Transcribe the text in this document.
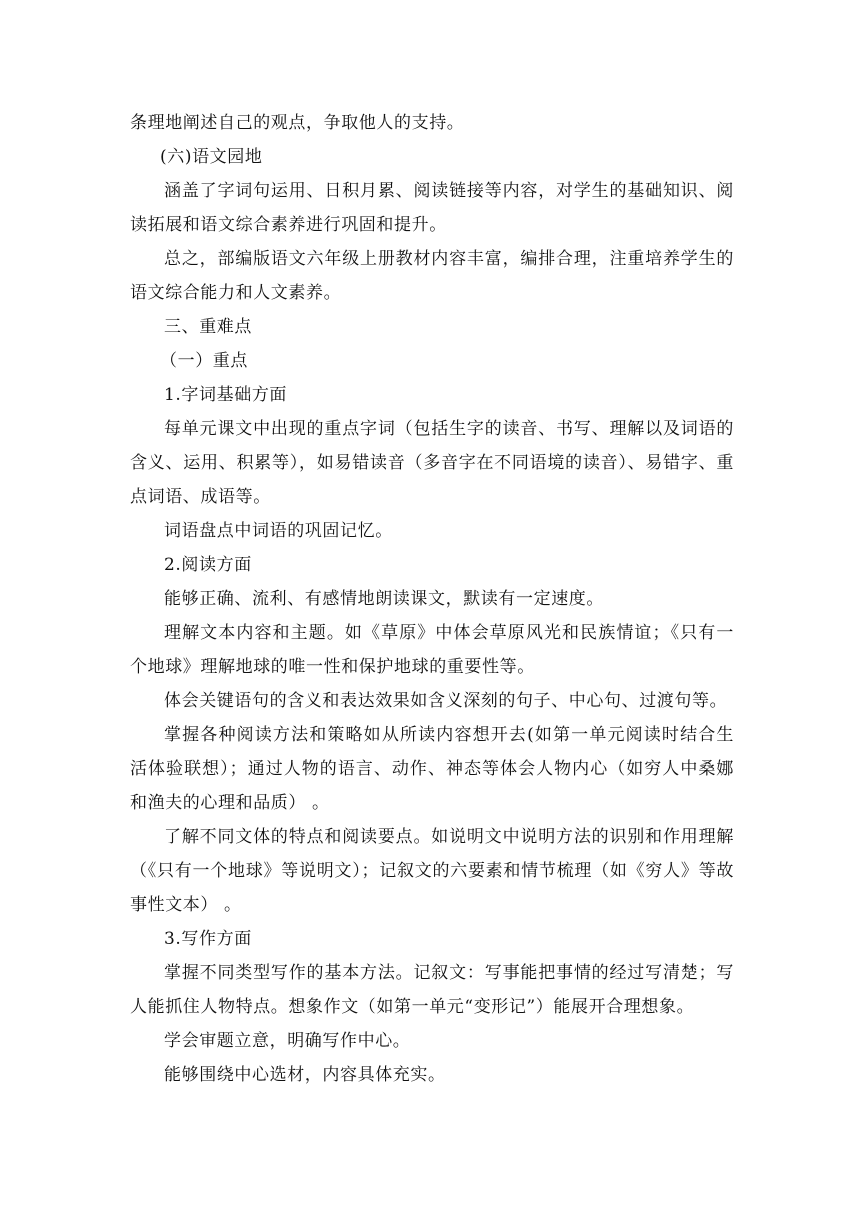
条理地阐述自己的观点，争取他人的支持。

(六)语文园地

涵盖了字词句运用、日积月累、阅读链接等内容，对学生的基础知识、阅读拓展和语文综合素养进行巩固和提升。

总之，部编版语文六年级上册教材内容丰富，编排合理，注重培养学生的语文综合能力和人文素养。

三、重难点

（一）重点

1.字词基础方面

每单元课文中出现的重点字词（包括生字的读音、书写、理解以及词语的含义、运用、积累等），如易错读音（多音字在不同语境的读音）、易错字、重点词语、成语等。

词语盘点中词语的巩固记忆。

2.阅读方面

能够正确、流利、有感情地朗读课文，默读有一定速度。

理解文本内容和主题。如《草原》中体会草原风光和民族情谊；《只有一个地球》理解地球的唯一性和保护地球的重要性等。

体会关键语句的含义和表达效果如含义深刻的句子、中心句、过渡句等。

掌握各种阅读方法和策略如从所读内容想开去(如第一单元阅读时结合生活体验联想）；通过人物的语言、动作、神态等体会人物内心（如穷人中桑娜和渔夫的心理和品质） 。

了解不同文体的特点和阅读要点。如说明文中说明方法的识别和作用理解（《只有一个地球》等说明文）；记叙文的六要素和情节梳理（如《穷人》等故事性文本） 。

3.写作方面

掌握不同类型写作的基本方法。记叙文：写事能把事情的经过写清楚；写人能抓住人物特点。想象作文（如第一单元“变形记”）能展开合理想象。

学会审题立意，明确写作中心。

能够围绕中心选材，内容具体充实。
